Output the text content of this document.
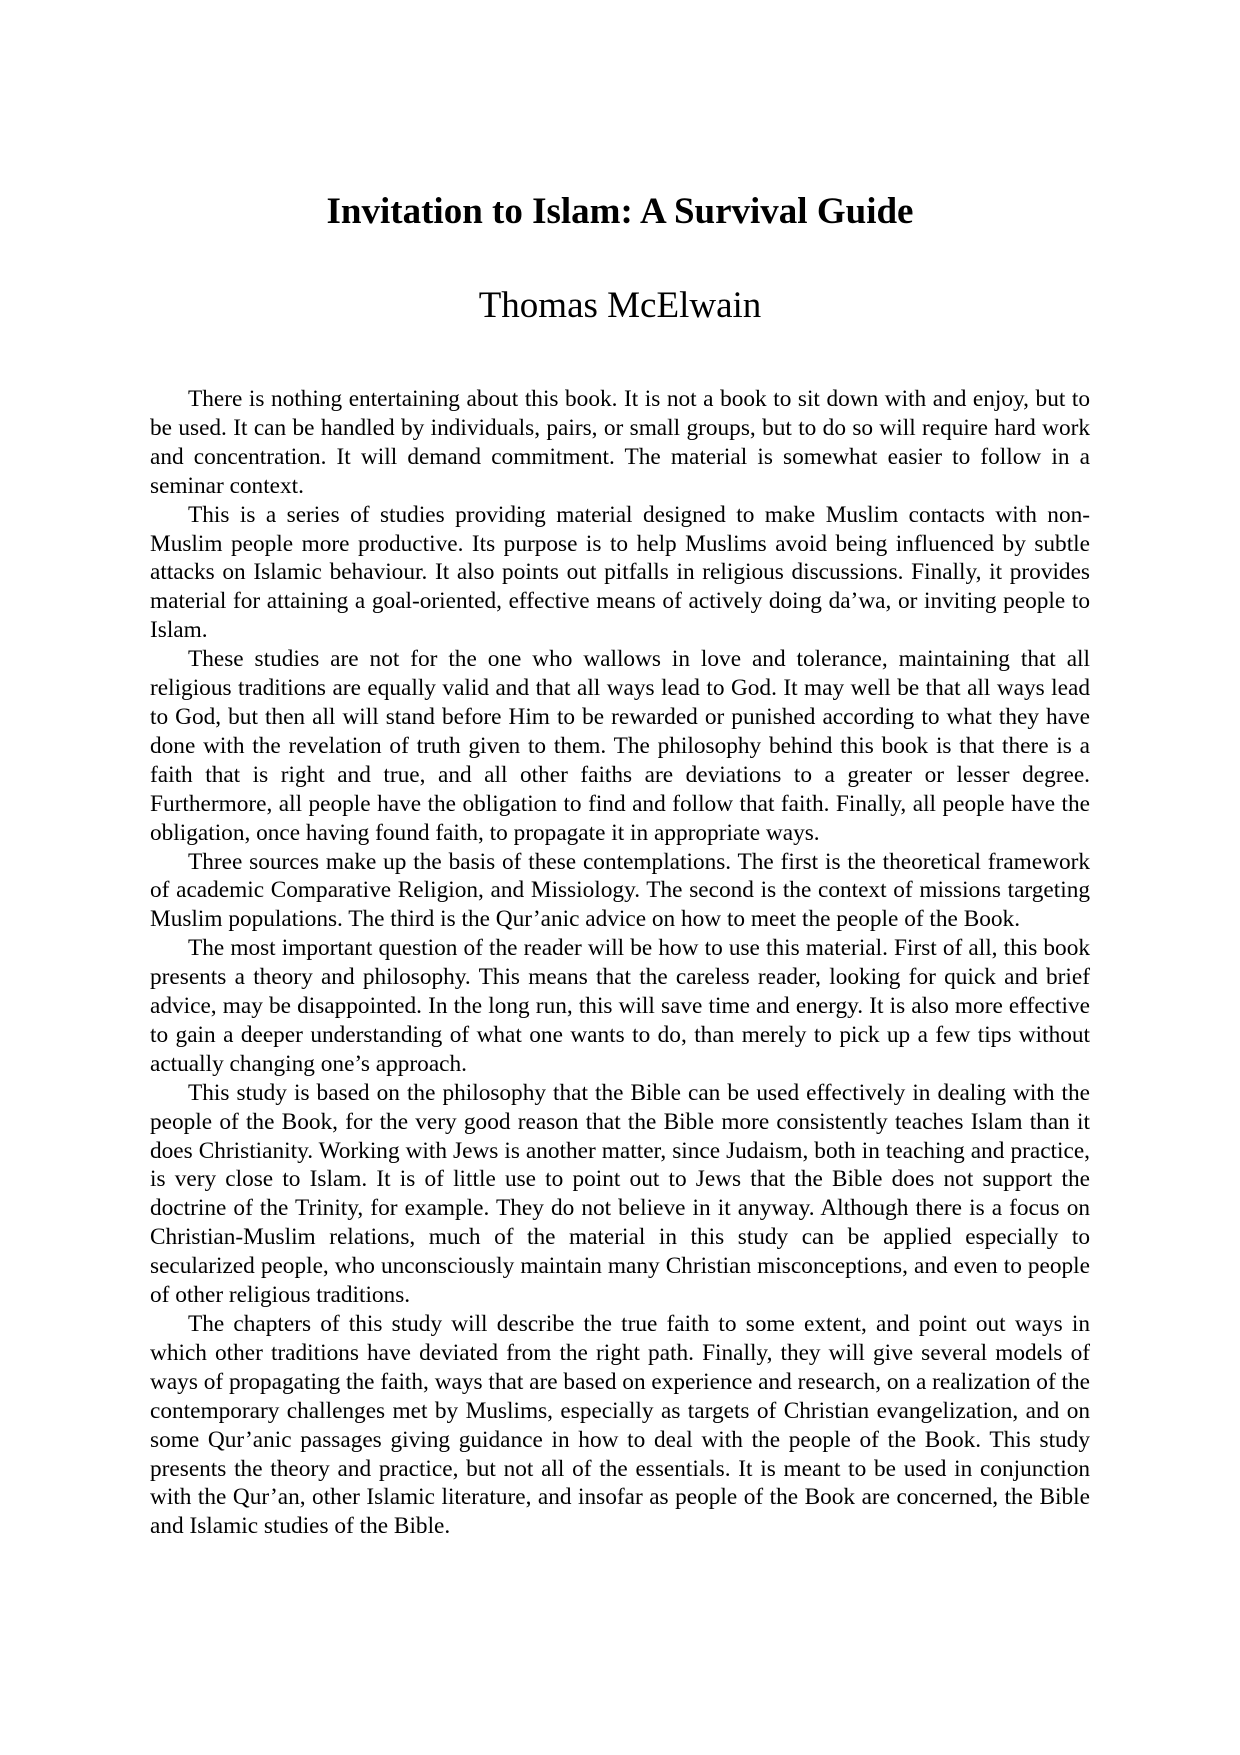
Invitation to Islam: A Survival Guide
Thomas McElwain

There is nothing entertaining about this book. It is not a book to sit down with and enjoy, but to be used. It can be handled by individuals, pairs, or small groups, but to do so will require hard work and concentration. It will demand commitment. The material is somewhat easier to follow in a seminar context.

This is a series of studies providing material designed to make Muslim contacts with non-Muslim people more productive. Its purpose is to help Muslims avoid being influenced by subtle attacks on Islamic behaviour. It also points out pitfalls in religious discussions. Finally, it provides material for attaining a goal-oriented, effective means of actively doing da’wa, or inviting people to Islam.

These studies are not for the one who wallows in love and tolerance, maintaining that all religious traditions are equally valid and that all ways lead to God. It may well be that all ways lead to God, but then all will stand before Him to be rewarded or punished according to what they have done with the revelation of truth given to them. The philosophy behind this book is that there is a faith that is right and true, and all other faiths are deviations to a greater or lesser degree. Furthermore, all people have the obligation to find and follow that faith. Finally, all people have the obligation, once having found faith, to propagate it in appropriate ways.

Three sources make up the basis of these contemplations. The first is the theoretical framework of academic Comparative Religion, and Missiology. The second is the context of missions targeting Muslim populations. The third is the Qur’anic advice on how to meet the people of the Book.

The most important question of the reader will be how to use this material. First of all, this book presents a theory and philosophy. This means that the careless reader, looking for quick and brief advice, may be disappointed. In the long run, this will save time and energy. It is also more effective to gain a deeper understanding of what one wants to do, than merely to pick up a few tips without actually changing one’s approach.

This study is based on the philosophy that the Bible can be used effectively in dealing with the people of the Book, for the very good reason that the Bible more consistently teaches Islam than it does Christianity. Working with Jews is another matter, since Judaism, both in teaching and practice, is very close to Islam. It is of little use to point out to Jews that the Bible does not support the doctrine of the Trinity, for example. They do not believe in it anyway. Although there is a focus on Christian-Muslim relations, much of the material in this study can be applied especially to secularized people, who unconsciously maintain many Christian misconceptions, and even to people of other religious traditions.

The chapters of this study will describe the true faith to some extent, and point out ways in which other traditions have deviated from the right path. Finally, they will give several models of ways of propagating the faith, ways that are based on experience and research, on a realization of the contemporary challenges met by Muslims, especially as targets of Christian evangelization, and on some Qur’anic passages giving guidance in how to deal with the people of the Book. This study presents the theory and practice, but not all of the essentials. It is meant to be used in conjunction with the Qur’an, other Islamic literature, and insofar as people of the Book are concerned, the Bible and Islamic studies of the Bible.
